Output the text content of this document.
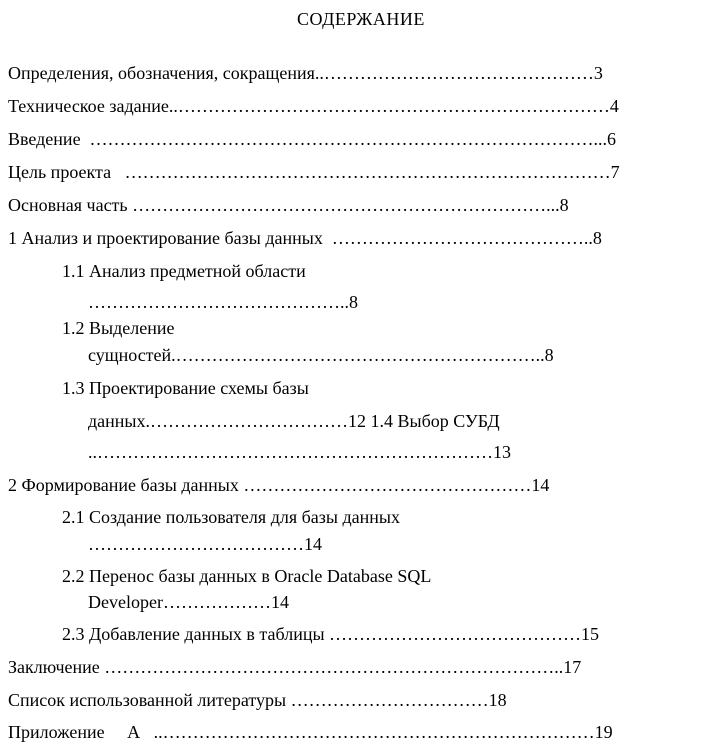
СОДЕРЖАНИЕ
Определения, обозначения, сокращения..………………………………………3
Техническое задание..………………………………………………………………4
Введение  …………………………………………………………………………...6
Цель проекта   ………………………………………………………………………7
Основная часть ……………………………………………………………...8
1 Анализ и проектирование базы данных  ……………………………………..8
1.1 Анализ предметной области
……………………………………..8
1.2 Выделение
сущностей.……………………………………………………..8
1.3 Проектирование схемы базы
данных.……………………………12 1.4 Выбор СУБД
..…………………………………………………………13
2 Формирование базы данных …………………………………………14
2.1 Создание пользователя для базы данных
………………………………14
2.2 Перенос базы данных в Oracle Database SQL
Developer………………14
2.3 Добавление данных в таблицы ……………………………………15
Заключение …………………………………………………………………..17
Список использованной литературы ……………………………18
Приложение     А   ..………………………………………………………………19
